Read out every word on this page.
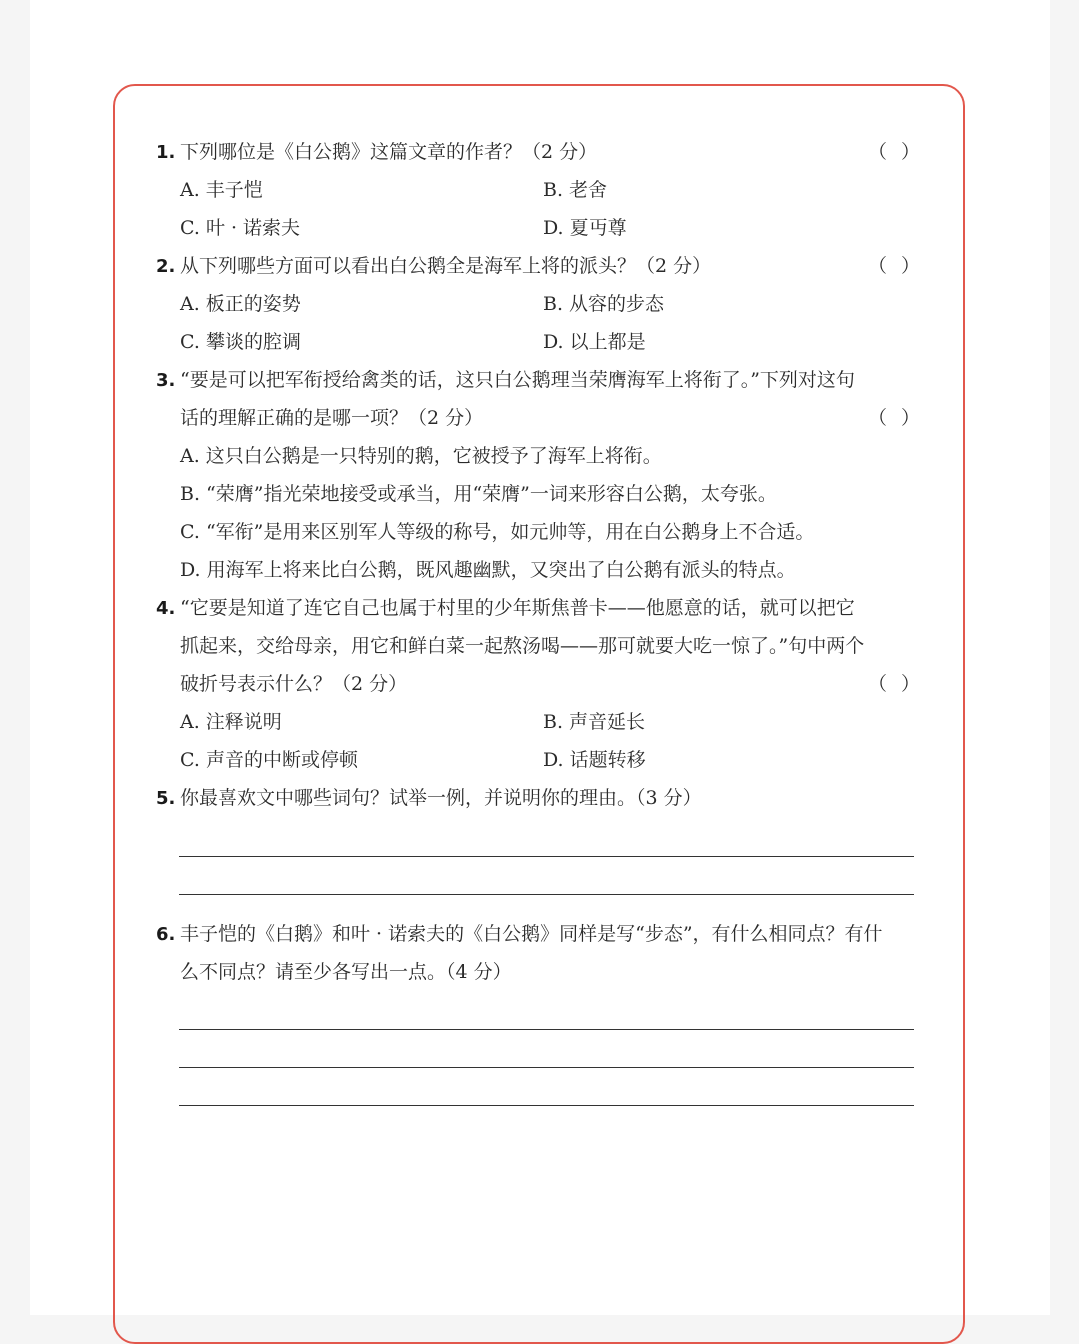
1. 下列哪位是《白公鹅》这篇文章的作者？（2 分）	（ ）
A. 丰子恺	B. 老舍
C. 叶 · 诺索夫	D. 夏丏尊
2. 从下列哪些方面可以看出白公鹅全是海军上将的派头？（2 分）	（ ）
A. 板正的姿势	B. 从容的步态
C. 攀谈的腔调	D. 以上都是
3. “要是可以把军衔授给禽类的话，这只白公鹅理当荣膺海军上将衔了。”下列对这句
话的理解正确的是哪一项？（2 分）	（ ）
A. 这只白公鹅是一只特别的鹅，它被授予了海军上将衔。
B. “荣膺”指光荣地接受或承当，用“荣膺”一词来形容白公鹅，太夸张。
C. “军衔”是用来区别军人等级的称号，如元帅等，用在白公鹅身上不合适。
D. 用海军上将来比白公鹅，既风趣幽默，又突出了白公鹅有派头的特点。
4. “它要是知道了连它自己也属于村里的少年斯焦普卡——他愿意的话，就可以把它
抓起来，交给母亲，用它和鲜白菜一起熬汤喝——那可就要大吃一惊了。”句中两个
破折号表示什么？（2 分）	（ ）
A. 注释说明	B. 声音延长
C. 声音的中断或停顿	D. 话题转移
5. 你最喜欢文中哪些词句？试举一例，并说明你的理由。（3 分）
6. 丰子恺的《白鹅》和叶 · 诺索夫的《白公鹅》同样是写“步态”，有什么相同点？有什
么不同点？请至少各写出一点。（4 分）
